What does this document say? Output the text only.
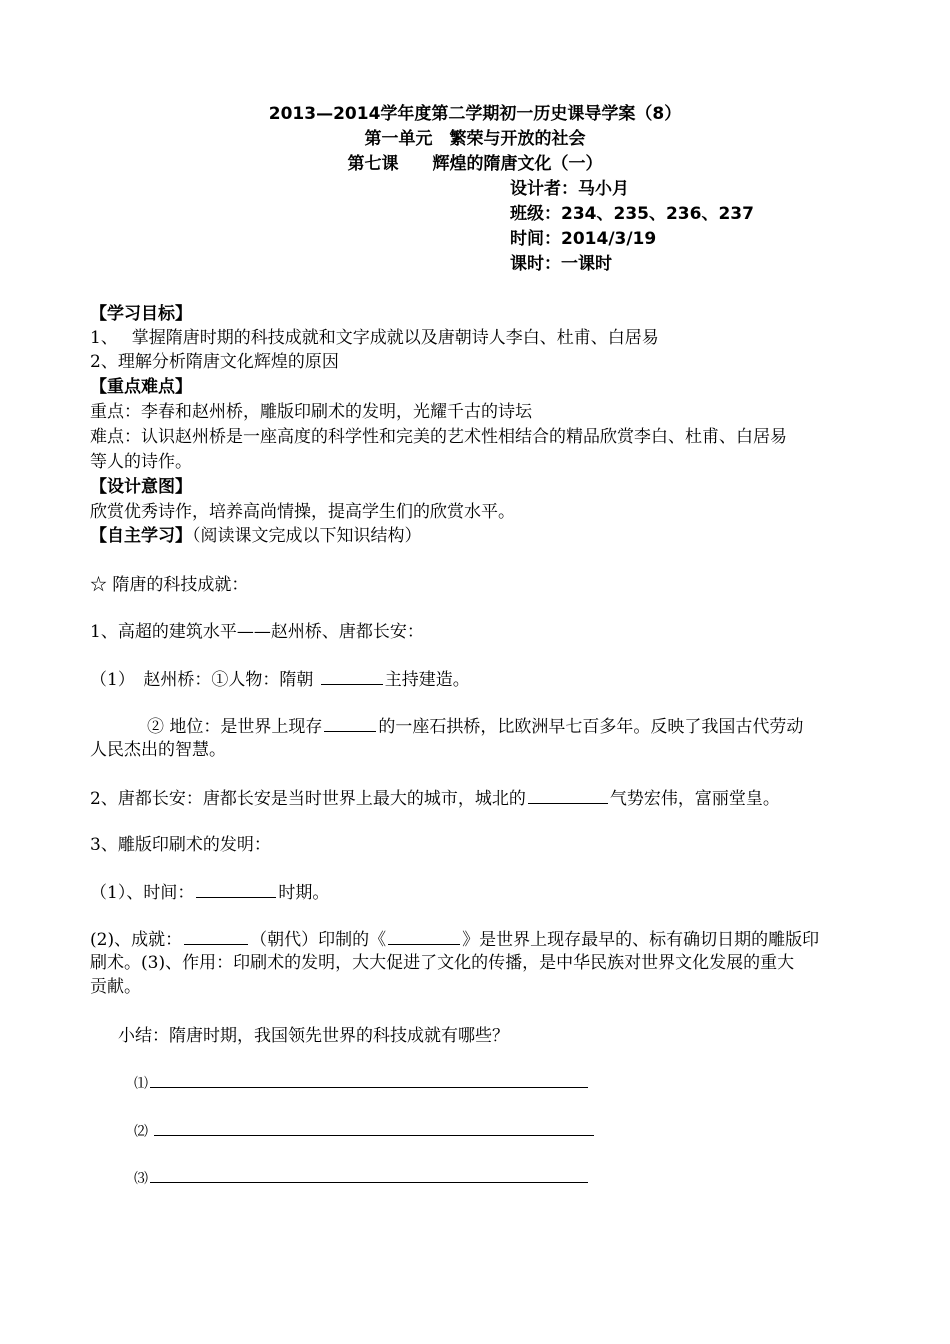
2013—2014学年度第二学期初一历史课导学案（8）
第一单元　繁荣与开放的社会
第七课　　辉煌的隋唐文化（一）
设计者：马小月
班级：234、235、236、237
时间：2014/3/19
课时：一课时
【学习目标】
1、　 掌握隋唐时期的科技成就和文字成就以及唐朝诗人李白、杜甫、白居易
2、理解分析隋唐文化辉煌的原因
【重点难点】
重点：李春和赵州桥，雕版印刷术的发明，光耀千古的诗坛
难点：认识赵州桥是一座高度的科学性和完美的艺术性相结合的精品欣赏李白、杜甫、白居易
等人的诗作。
【设计意图】
欣赏优秀诗作，培养高尚情操，提高学生们的欣赏水平。
【自主学习】（阅读课文完成以下知识结构）
☆ 隋唐的科技成就：
1、高超的建筑水平——赵州桥、唐都长安：
（1）　赵州桥：①人物：隋朝	主持建造。
② 地位：是世界上现存	的一座石拱桥，比欧洲早七百多年。反映了我国古代劳动
人民杰出的智慧。
2、唐都长安：唐都长安是当时世界上最大的城市，城北的	气势宏伟，富丽堂皇。
3、雕版印刷术的发明：
（1）、时间：	时期。
(2)、成就：	（朝代）印制的《	》是世界上现存最早的、标有确切日期的雕版印
刷术。(3)、作用：印刷术的发明，大大促进了文化的传播，是中华民族对世界文化发展的重大
贡献。
小结：隋唐时期，我国领先世界的科技成就有哪些？
⑴
⑵
⑶
